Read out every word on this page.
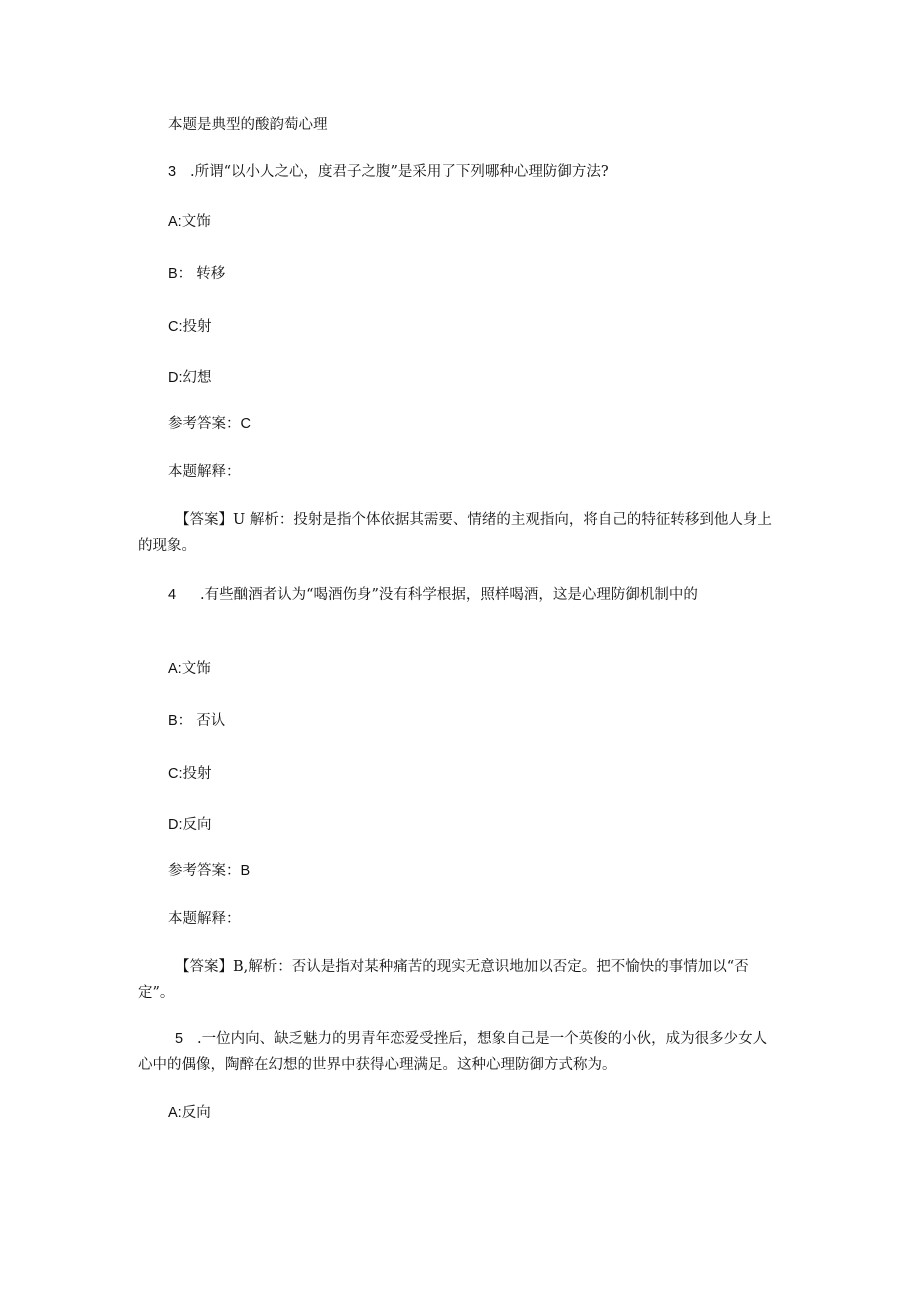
本题是典型的酸韵萄心理
3 .所谓“以小人之心，度君子之腹”是采用了下列哪种心理防御方法?
A:文饰
B： 转移
C:投射
D:幻想
参考答案：C
本题解释：
【答案】U 解析：投射是指个体依据其需要、情绪的主观指向，将自己的特征转移到他人身上
的现象。
4 .有些酗酒者认为“喝酒伤身”没有科学根据，照样喝酒，这是心理防御机制中的
A:文饰
B： 否认
C:投射
D:反向
参考答案：B
本题解释：
【答案】B,解析：否认是指对某种痛苦的现实无意识地加以否定。把不愉快的事情加以“否
定”。
5 .一位内向、缺乏魅力的男青年恋爱受挫后，想象自己是一个英俊的小伙，成为很多少女人
心中的偶像，陶醉在幻想的世界中获得心理满足。这种心理防御方式称为。
A:反向
